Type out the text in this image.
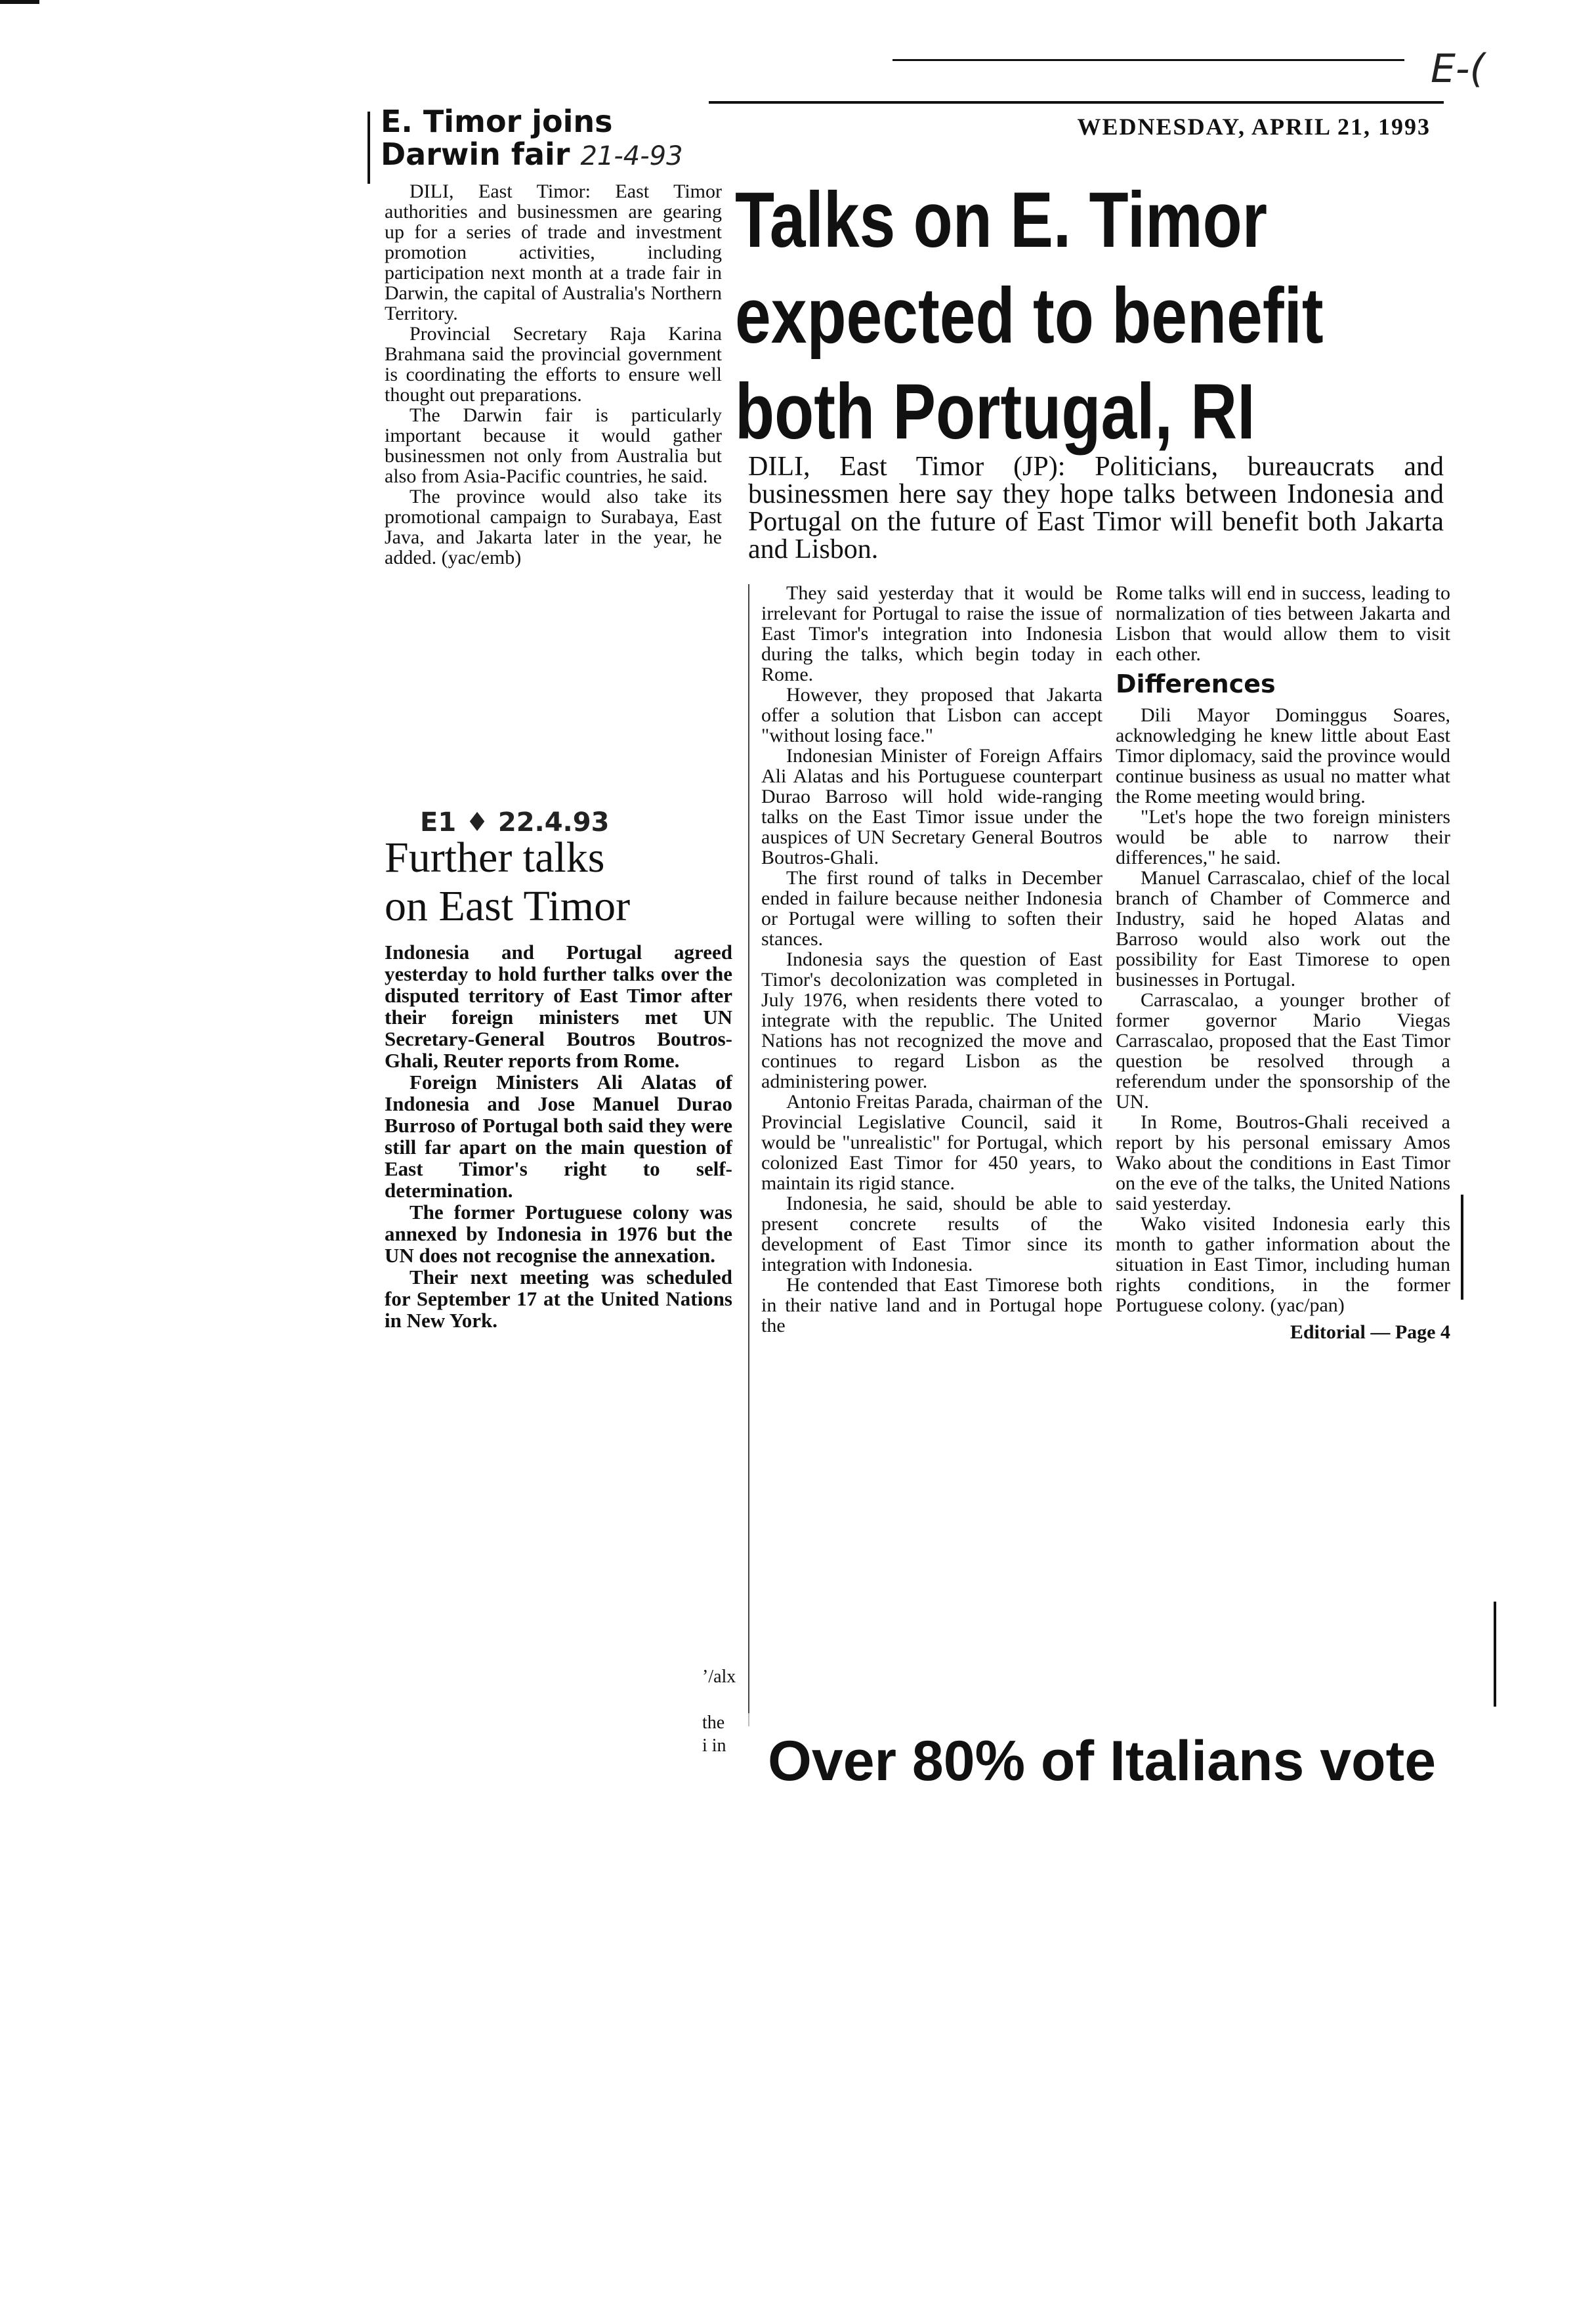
E-(
E. Timor joins
Darwin fair 21-4-93

DILI, East Timor: East Timor authorities and businessmen are gearing up for a series of trade and investment promotion activities, including participation next month at a trade fair in Darwin, the capital of Australia's Northern Territory.

Provincial Secretary Raja Karina Brahmana said the provincial government is coordinating the efforts to ensure well thought out preparations.

The Darwin fair is particularly important because it would gather businessmen not only from Australia but also from Asia-Pacific countries, he said.

The province would also take its promotional campaign to Surabaya, East Java, and Jakarta later in the year, he added. (yac/emb)

E1 ♦ 22.4.93
Further talks
on East Timor

Indonesia and Portugal agreed yesterday to hold further talks over the disputed territory of East Timor after their foreign ministers met UN Secretary-General Boutros Boutros-Ghali, Reuter reports from Rome.

Foreign Ministers Ali Alatas of Indonesia and Jose Manuel Durao Burroso of Portugal both said they were still far apart on the main question of East Timor's right to self-determination.

The former Portuguese colony was annexed by Indonesia in 1976 but the UN does not recognise the annexation.

Their next meeting was scheduled for September 17 at the United Nations in New York.

WEDNESDAY, APRIL 21, 1993
Talks on E. Timor
expected to benefit
both Portugal, RI
DILI, East Timor (JP): Politicians, bureaucrats and businessmen here say they hope talks between Indonesia and Portugal on the future of East Timor will benefit both Jakarta and Lisbon.

They said yesterday that it would be irrelevant for Portugal to raise the issue of East Timor's integration into Indonesia during the talks, which begin today in Rome.

However, they proposed that Jakarta offer a solution that Lisbon can accept "without losing face."

Indonesian Minister of Foreign Affairs Ali Alatas and his Portuguese counterpart Durao Barroso will hold wide-ranging talks on the East Timor issue under the auspices of UN Secretary General Boutros Boutros-Ghali.

The first round of talks in December ended in failure because neither Indonesia or Portugal were willing to soften their stances.

Indonesia says the question of East Timor's decolonization was completed in July 1976, when residents there voted to integrate with the republic. The United Nations has not recognized the move and continues to regard Lisbon as the administering power.

Antonio Freitas Parada, chairman of the Provincial Legislative Council, said it would be "unrealistic" for Portugal, which colonized East Timor for 450 years, to maintain its rigid stance.

Indonesia, he said, should be able to present concrete results of the development of East Timor since its integration with Indonesia.

He contended that East Timorese both in their native land and in Portugal hope the

Rome talks will end in success, leading to normalization of ties between Jakarta and Lisbon that would allow them to visit each other.

Differences

Dili Mayor Dominggus Soares, acknowledging he knew little about East Timor diplomacy, said the province would continue business as usual no matter what the Rome meeting would bring.

"Let's hope the two foreign ministers would be able to narrow their differences," he said.

Manuel Carrascalao, chief of the local branch of Chamber of Commerce and Industry, said he hoped Alatas and Barroso would also work out the possibility for East Timorese to open businesses in Portugal.

Carrascalao, a younger brother of former governor Mario Viegas Carrascalao, proposed that the East Timor question be resolved through a referendum under the sponsorship of the UN.

In Rome, Boutros-Ghali received a report by his personal emissary Amos Wako about the conditions in East Timor on the eve of the talks, the United Nations said yesterday.

Wako visited Indonesia early this month to gather information about the situation in East Timor, including human rights conditions, in the former Portuguese colony. (yac/pan)

Editorial — Page 4
ʼ/alx
the
i in Over 80% of Italians vote
